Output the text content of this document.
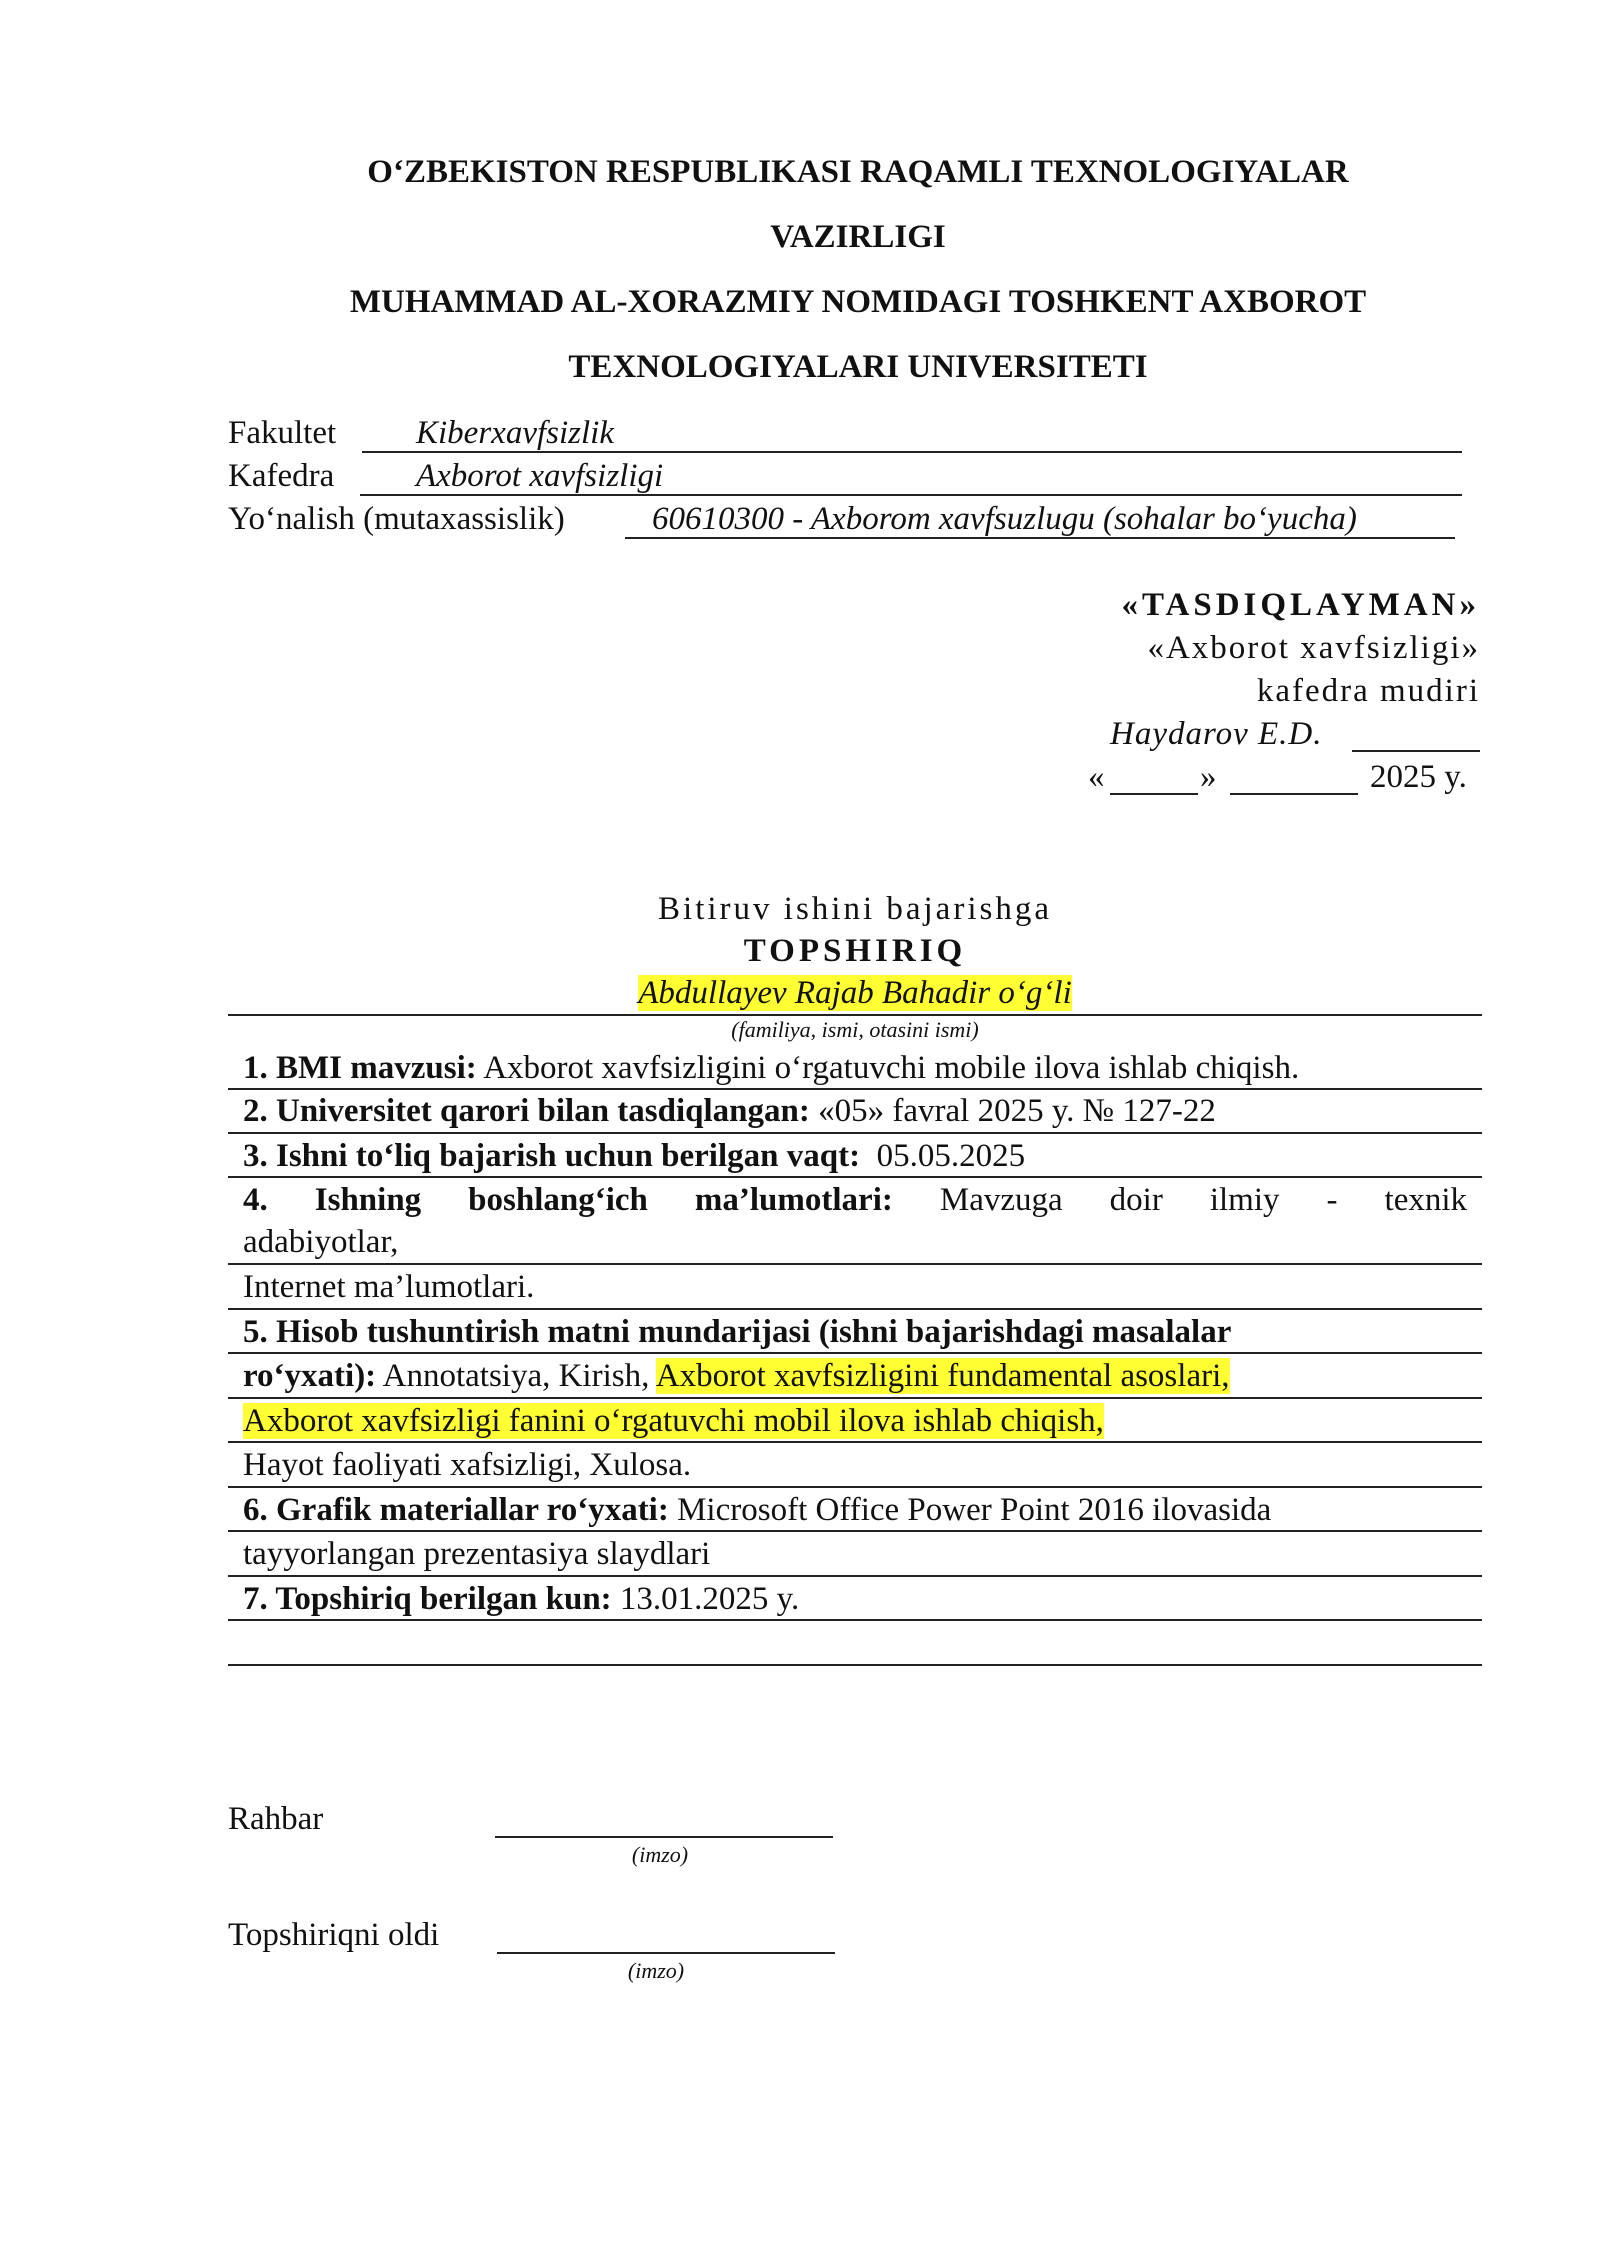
O‘ZBEKISTON RESPUBLIKASI RAQAMLI TEXNOLOGIYALAR
VAZIRLIGI
MUHAMMAD AL-XORAZMIY NOMIDAGI TOSHKENT AXBOROT
TEXNOLOGIYALARI UNIVERSITETI
Fakultet Kiberxavfsizlik
Kafedra Axborot xavfsizligi
Yo‘nalish (mutaxassislik)	60610300 - Axborom xavfsuzlugu (sohalar bo‘yucha)
«TASDIQLAYMAN»
«Axborot xavfsizligi»
kafedra mudiri
Haydarov E.D.
«	»	2025 y.
Bitiruv ishini bajarishga
TOPSHIRIQ
Abdullayev Rajab Bahadir o‘g‘li
(familiya, ismi, otasini ismi)
1. BMI mavzusi: Axborot xavfsizligini o‘rgatuvchi mobile ilova ishlab chiqish.
2. Universitet qarori bilan tasdiqlangan: «05» favral 2025 y. № 127-22
3. Ishni to‘liq bajarish uchun berilgan vaqt: 05.05.2025
4. Ishning boshlang‘ich ma’lumotlari: Mavzuga doir ilmiy - texnik
adabiyotlar,
Internet ma’lumotlari.
5. Hisob tushuntirish matni mundarijasi (ishni bajarishdagi masalalar
ro‘yxati): Annotatsiya, Kirish, Axborot xavfsizligini fundamental asoslari,
Axborot xavfsizligi fanini o‘rgatuvchi mobil ilova ishlab chiqish,
Hayot faoliyati xafsizligi, Xulosa.
6. Grafik materiallar ro‘yxati: Microsoft Office Power Point 2016 ilovasida
tayyorlangan prezentasiya slaydlari
7. Topshiriq berilgan kun: 13.01.2025 y.
Rahbar
(imzo)
Topshiriqni oldi
(imzo)
